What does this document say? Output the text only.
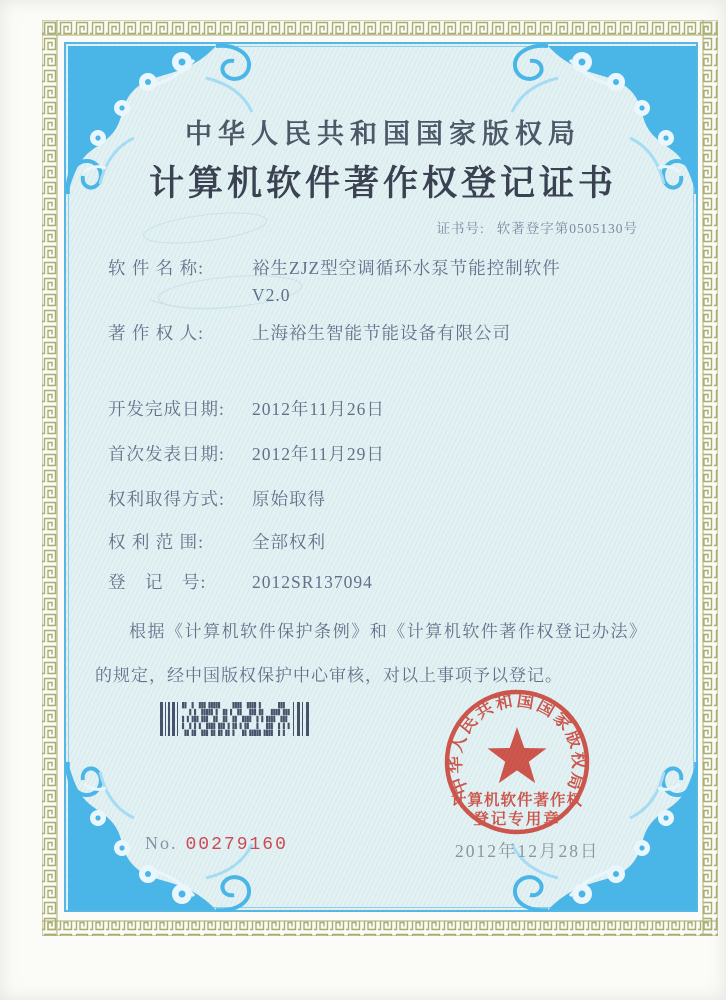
中华人民共和国国家版权局
计算机软件著作权登记证书
证书号: 软著登字第0505130号
软 件 名 称:	裕生ZJZ型空调循环水泵节能控制软件
V2.0
著 作 权 人:	上海裕生智能节能设备有限公司
开发完成日期:	2012年11月26日
首次发表日期:	2012年11月29日
权利取得方式:	原始取得
权 利 范 围:	全部权利
登　记　号:	2012SR137094
根据《计算机软件保护条例》和《计算机软件著作权登记办法》的规定，经中国版权保护中心审核，对以上事项予以登记。
中华人民共和国国家版权局
计算机软件著作权
登记专用章
No. 00279160	2012年12月28日
